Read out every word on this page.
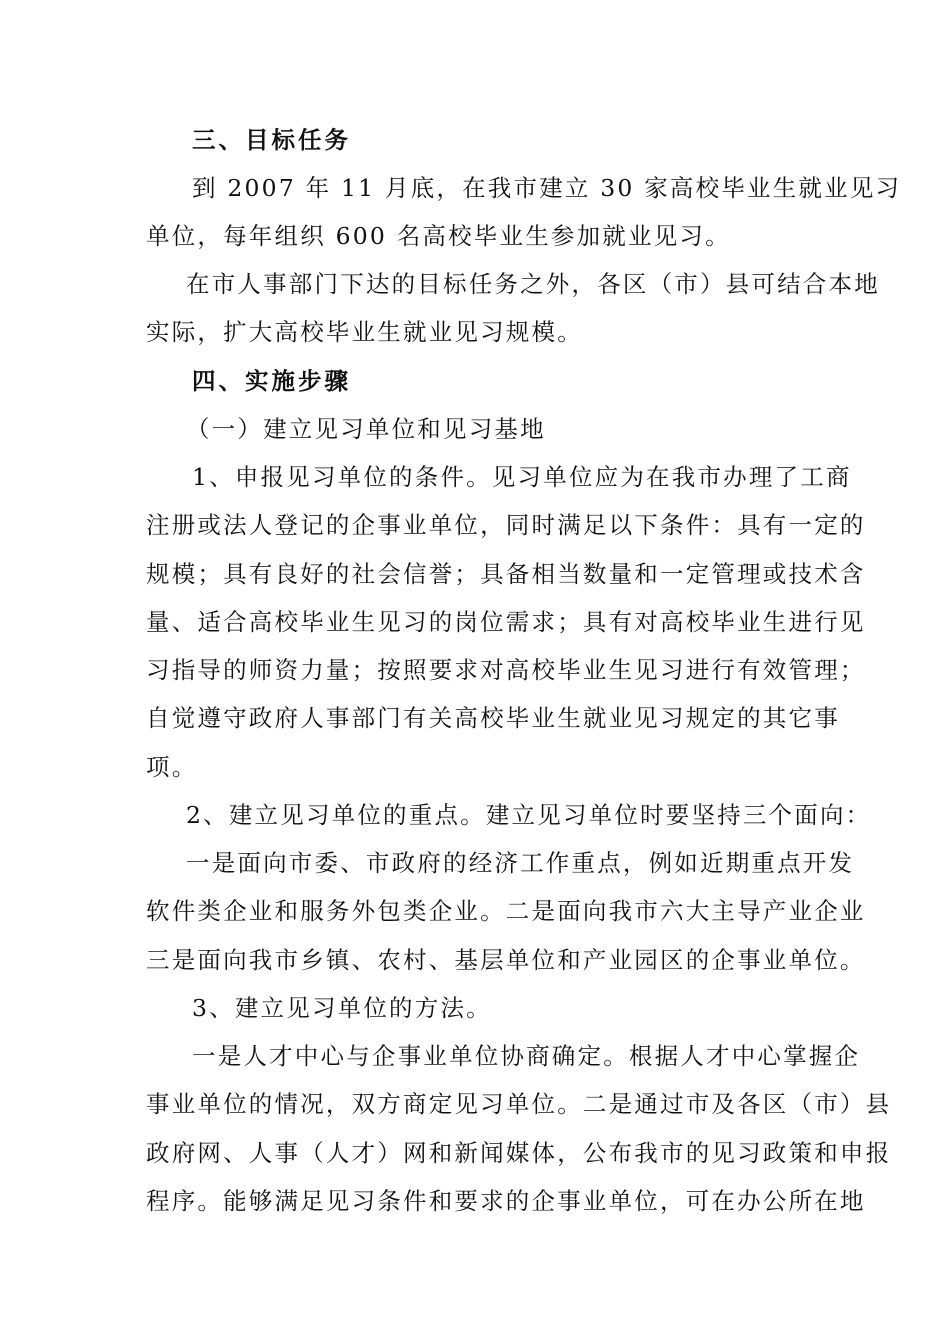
三、目标任务
到 2007 年 11 月底，在我市建立 30 家高校毕业生就业见习
单位，每年组织 600 名高校毕业生参加就业见习。
在市人事部门下达的目标任务之外，各区（市）县可结合本地
实际，扩大高校毕业生就业见习规模。
四、实施步骤
（一）建立见习单位和见习基地
1、申报见习单位的条件。见习单位应为在我市办理了工商
注册或法人登记的企事业单位，同时满足以下条件：具有一定的
规模；具有良好的社会信誉；具备相当数量和一定管理或技术含
量、适合高校毕业生见习的岗位需求；具有对高校毕业生进行见
习指导的师资力量；按照要求对高校毕业生见习进行有效管理；
自觉遵守政府人事部门有关高校毕业生就业见习规定的其它事
项。
2、建立见习单位的重点。建立见习单位时要坚持三个面向：
一是面向市委、市政府的经济工作重点，例如近期重点开发
软件类企业和服务外包类企业。二是面向我市六大主导产业企业
三是面向我市乡镇、农村、基层单位和产业园区的企事业单位。
3、建立见习单位的方法。
一是人才中心与企事业单位协商确定。根据人才中心掌握企
事业单位的情况，双方商定见习单位。二是通过市及各区（市）县
政府网、人事（人才）网和新闻媒体，公布我市的见习政策和申报
程序。能够满足见习条件和要求的企事业单位，可在办公所在地
